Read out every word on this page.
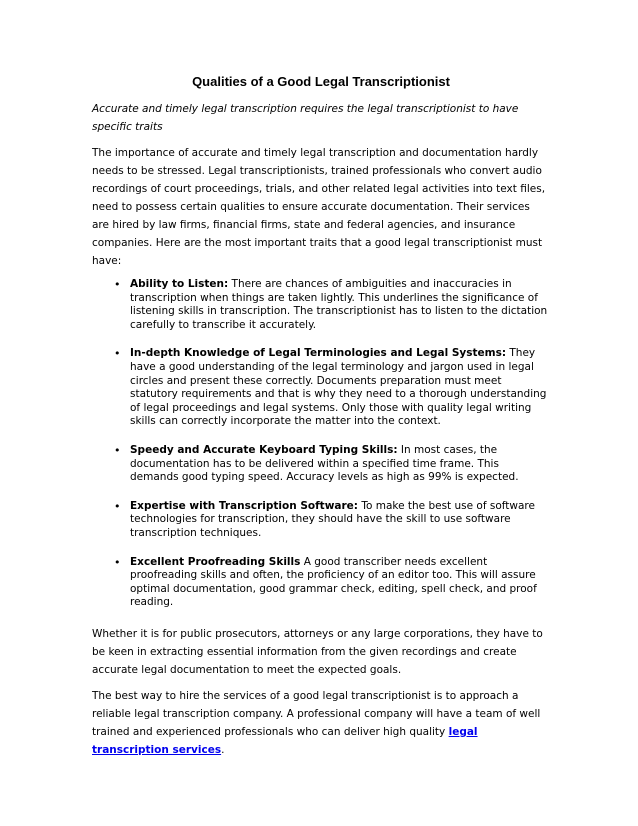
Qualities of a Good Legal Transcriptionist

Accurate and timely legal transcription requires the legal transcriptionist to have specific traits

The importance of accurate and timely legal transcription and documentation hardly needs to be stressed. Legal transcriptionists, trained professionals who convert audio recordings of court proceedings, trials, and other related legal activities into text files, need to possess certain qualities to ensure accurate documentation. Their services are hired by law firms, financial firms, state and federal agencies, and insurance companies. Here are the most important traits that a good legal transcriptionist must have:

• Ability to Listen: There are chances of ambiguities and inaccuracies in transcription when things are taken lightly. This underlines the significance of listening skills in transcription. The transcriptionist has to listen to the dictation carefully to transcribe it accurately.
• In-depth Knowledge of Legal Terminologies and Legal Systems: They have a good understanding of the legal terminology and jargon used in legal circles and present these correctly. Documents preparation must meet statutory requirements and that is why they need to a thorough understanding of legal proceedings and legal systems. Only those with quality legal writing skills can correctly incorporate the matter into the context.
• Speedy and Accurate Keyboard Typing Skills: In most cases, the documentation has to be delivered within a specified time frame. This demands good typing speed. Accuracy levels as high as 99% is expected.
• Expertise with Transcription Software: To make the best use of software technologies for transcription, they should have the skill to use software transcription techniques.
• Excellent Proofreading Skills A good transcriber needs excellent proofreading skills and often, the proficiency of an editor too. This will assure optimal documentation, good grammar check, editing, spell check, and proof reading.

Whether it is for public prosecutors, attorneys or any large corporations, they have to be keen in extracting essential information from the given recordings and create accurate legal documentation to meet the expected goals.

The best way to hire the services of a good legal transcriptionist is to approach a reliable legal transcription company. A professional company will have a team of well trained and experienced professionals who can deliver high quality legal transcription services.
